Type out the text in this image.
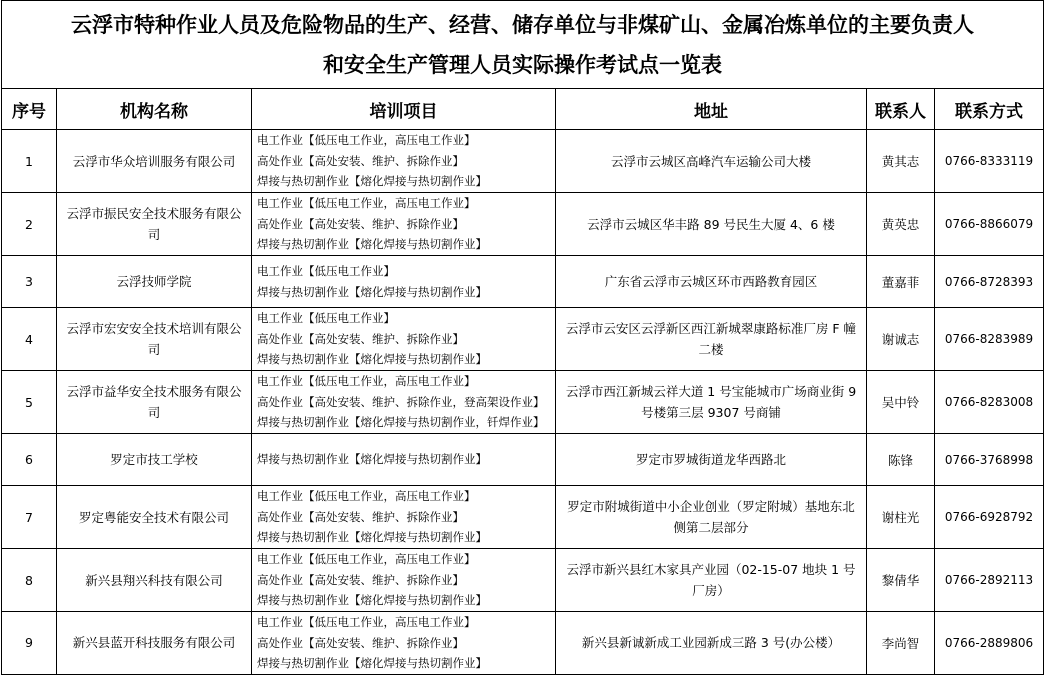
云浮市特种作业人员及危险物品的生产、经营、储存单位与非煤矿山、金属冶炼单位的主要负责人
和安全生产管理人员实际操作考试点一览表					

序号	机构名称	培训项目	地址	联系人	联系方式
1	云浮市华众培训服务有限公司	电工作业【低压电工作业，高压电工作业】
高处作业【高处安装、维护、拆除作业】
焊接与热切割作业【熔化焊接与热切割作业】	云浮市云城区高峰汽车运输公司大楼	黄其志	0766-8333119
2	云浮市振民安全技术服务有限公司	电工作业【低压电工作业，高压电工作业】
高处作业【高处安装、维护、拆除作业】
焊接与热切割作业【熔化焊接与热切割作业】	云浮市云城区华丰路 89 号民生大厦 4、6 楼	黄英忠	0766-8866079
3	云浮技师学院	电工作业【低压电工作业】
焊接与热切割作业【熔化焊接与热切割作业】	广东省云浮市云城区环市西路教育园区	董嘉菲	0766-8728393
4	云浮市宏安安全技术培训有限公司	电工作业【低压电工作业】
高处作业【高处安装、维护、拆除作业】
焊接与热切割作业【熔化焊接与热切割作业】	云浮市云安区云浮新区西江新城翠康路标准厂房 F 幢二楼	谢诚志	0766-8283989
5	云浮市益华安全技术服务有限公司	电工作业【低压电工作业，高压电工作业】
高处作业【高处安装、维护、拆除作业，登高架设作业】
焊接与热切割作业【熔化焊接与热切割作业，钎焊作业】	云浮市西江新城云祥大道 1 号宝能城市广场商业街 9 号楼第三层 9307 号商铺	吴中铃	0766-8283008
6	罗定市技工学校	焊接与热切割作业【熔化焊接与热切割作业】	罗定市罗城街道龙华西路北	陈锋	0766-3768998
7	罗定粤能安全技术有限公司	电工作业【低压电工作业，高压电工作业】
高处作业【高处安装、维护、拆除作业】
焊接与热切割作业【熔化焊接与热切割作业】	罗定市附城街道中小企业创业（罗定附城）基地东北侧第二层部分	谢柱光	0766-6928792
8	新兴县翔兴科技有限公司	电工作业【低压电工作业，高压电工作业】
高处作业【高处安装、维护、拆除作业】
焊接与热切割作业【熔化焊接与热切割作业】	云浮市新兴县红木家具产业园（02-15-07 地块 1 号厂房）	黎倩华	0766-2892113
9	新兴县蓝开科技服务有限公司	电工作业【低压电工作业，高压电工作业】
高处作业【高处安装、维护、拆除作业】
焊接与热切割作业【熔化焊接与热切割作业】	新兴县新诚新成工业园新成三路 3 号(办公楼）	李尚智	0766-2889806
